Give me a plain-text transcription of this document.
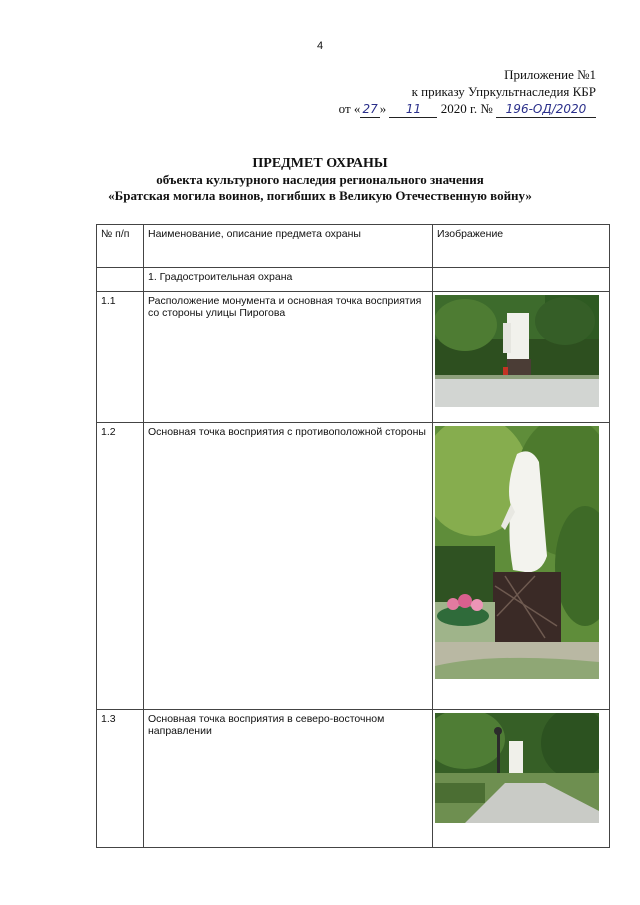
4
Приложение №1
к приказу Упркультнаследия КБР
от « 27 » 11 2020 г. № 196-ОД/2020
ПРЕДМЕТ ОХРАНЫ
объекта культурного наследия регионального значения
«Братская могила воинов, погибших в Великую Отечественную войну»
№ п/п	Наименование, описание предмета охраны	Изображение
	1. Градостроительная охрана	
1.1	Расположение монумента и основная точка восприятия со стороны улицы Пирогова	

1.2	Основная точка восприятия с противоположной стороны	

1.3	Основная точка восприятия в северо-восточном направлении	
